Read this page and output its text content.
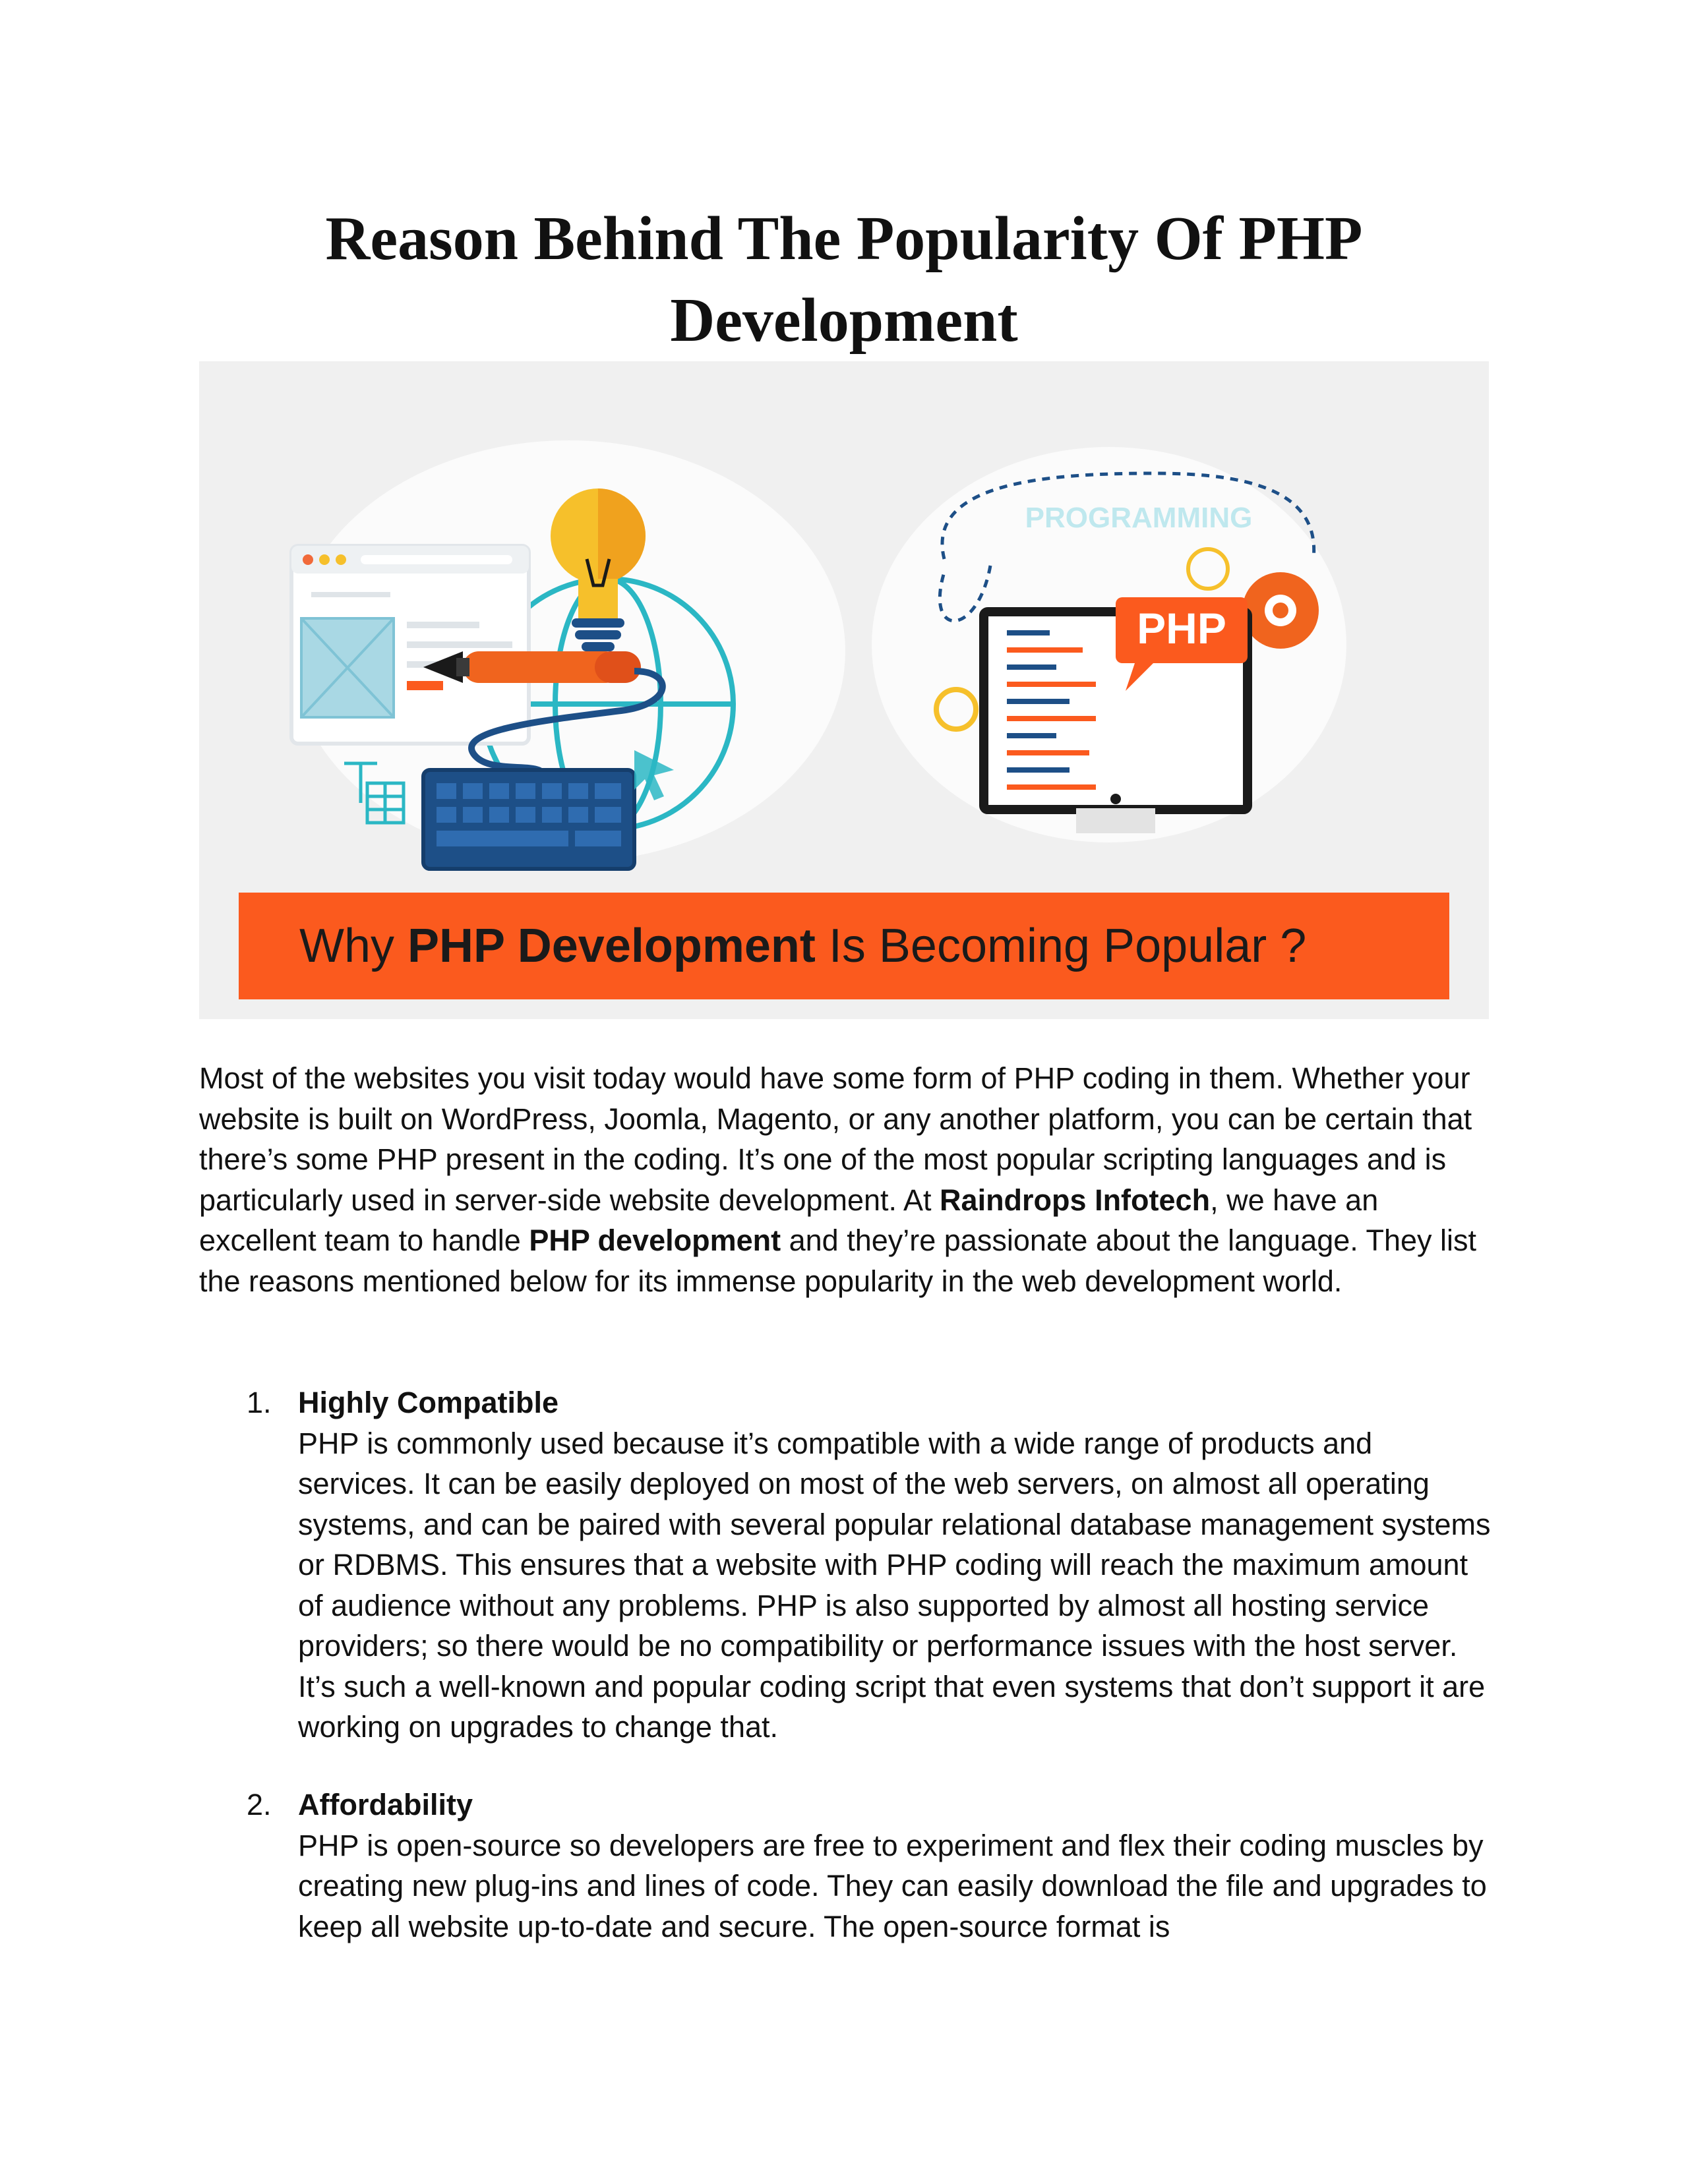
Reason Behind The Popularity Of PHP
Development
PROGRAMMING
PHP
Why PHP Development Is Becoming Popular ?

Most of the websites you visit today would have some form of PHP coding in them. Whether your website is built on WordPress, Joomla, Magento, or any another platform, you can be certain that there’s some PHP present in the coding. It’s one of the most popular scripting languages and is particularly used in server-side website development. At Raindrops Infotech, we have an excellent team to handle PHP development and they’re passionate about the language. They list the reasons mentioned below for its immense popularity in the web development world.

1. Highly Compatible

PHP is commonly used because it’s compatible with a wide range of products and services. It can be easily deployed on most of the web servers, on almost all operating systems, and can be paired with several popular relational database management systems or RDBMS. This ensures that a website with PHP coding will reach the maximum amount of audience without any problems. PHP is also supported by almost all hosting service providers; so there would be no compatibility or performance issues with the host server. It’s such a well-known and popular coding script that even systems that don’t support it are working on upgrades to change that.

2. Affordability

PHP is open-source so developers are free to experiment and flex their coding muscles by creating new plug-ins and lines of code. They can easily download the file and upgrades to keep all website up-to-date and secure. The open-source format is
